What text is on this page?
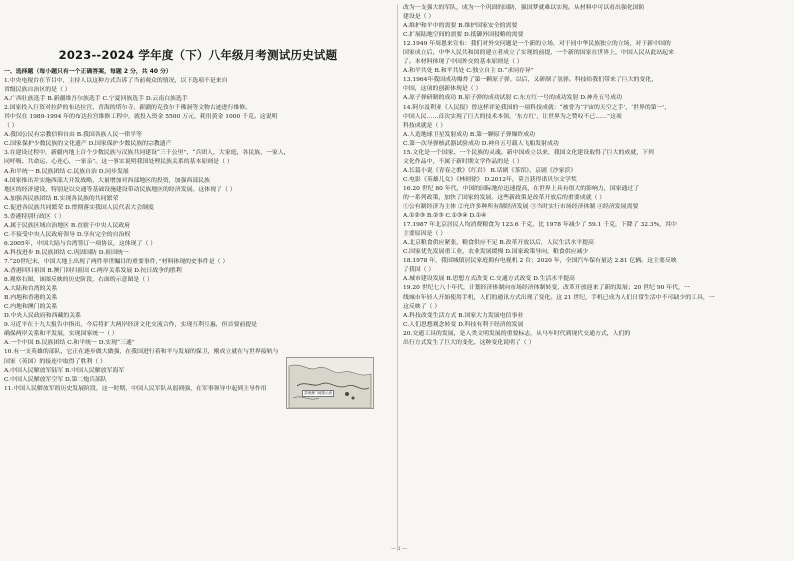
2023--2024 学年度（下）八年级月考测试历史试题
一、选择题（每小题只有一个正确答案，每题 2 分，共 40 分）
1.中央电视台在节目中，主持人以这种方式告诉了当前观众的情况，以下选项不是来自
省级民族自治区的是（ ）
A.广西壮族选手 B.新疆维吾尔族选手 C.宁夏回族选手 D.云南白族选手
2.国家投入巨资对拉萨的布达拉宫、青海的塔尔寺、新疆的克孜尔千佛洞等文物古迹进行维修。
其中仅在 1989-1994 年的布达拉宫维修工程中，就投入资金 5500 万元，耗用黄金 1000 千克。这说明
（ ）
A.我国公民有宗教信仰自由 B.我国各族人民一律平等
C.国家保护少数民族的文化遗产 D.国家保护少数民族的宗教遗产
3.在建设过程中，新疆内地上百个少数民族与汉族共同建设“三千公里”，“兵团人，大家庭，各民族，一家人，
同呼吸、共命运、心连心，一家亲”。这一事实说明我国处理民族关系的基本原则是（ ）
A.和平统一 B.民族团结 C.民族自治 D.同步发展
4.国家推出并实施西部大开发战略，大量增加对西部地区的投资，加强西部民族
地区的经济建设，特别是以交通等基础设施建设带动民族地区的经济发展。这体现了（ ）
A.加强各民族团结 B.实现各民族的共同繁荣
C.促进各民族共同繁荣 D.贯彻落实我国人民代表大会制度
5.香港特别行政区（ ）
A.属于民族区域自治地区 B.直辖于中央人民政府
C.不接受中央人民政府领导 D.享有完全的自治权
6.2005年，中国大陆与台湾签订一项协议，这体现了（ ）
A.科技进步 B.民族团结 C.巩固国防 D.祖国统一
7.“20世纪末，中国大地上出现了两件举世瞩目的重要事件，”材料体现的史事件是（ ）
A.香港回归祖国 B.澳门回归祖国 C.两岸关系发展 D.抗日战争的胜利
8.观察右图，该图反映的历史阶段，右面的示意图是（ ）
A.大陆和台湾的关系
B.内地和香港的关系
C.内地和澳门的关系
D.中央人民政府和西藏的关系
9.习近平在十九大报告中指出，今后将扩大两岸经济文化交流合作，实现互利互惠，但首要前提是
确保两岸关系和平发展，实现国家统一（ ）
A.一个中国 B.民族团结 C.和平统一 D.实现“三通”
10.有一支英雄的部队，它正在逐步做大做强，在我国进行着和平与发展的保卫，刚成立就在与世界接轨与
国家（英国）的接连中取得了胜利（ ）
A.中国人民解放军陆军 B.中国人民解放军海军
C.中国人民解放军空军 D.第二炮兵部队
11.中国人民解放军的历史发展阶段，这一时期，中国人民军队从弱到强，在军事领导中起到主导作用
改为一支强大的军队，成为一个巩固的国防，强国梦就难以实现。从材料中可以看出强化国防
建设是（ ）
A.维护和平中的需要 B.维护国家安全的需要
C.扩展陆地空间的需要 D.抵御外国侵略的需要
12.1949 年周恩来宣布：我们对外交问题是一个新的立场，对于同中华民族独立的立场，对于新中国的
国家成立后，中华人民共和国的建立者成立了实现的前提，一个新的国家在世界上，中国人民从此站起来
了。本材料体现了中国外交的基本原则是（ ）
A.和平共处 B.和平共处 C.独立自主 D.“求同存异”
13.1964年我国成功爆炸了第一颗原子弹，以后，又研制了氢弹。科技给我们带来了巨大的变化，
中国，这项的创新体现是（ ）
A.原子弹研制的成功 B.原子弹的成功试射 C.东方红一号的成功发射 D.神舟五号成功
14.阿尔及利亚《人民报》曾这样评论我国的一项科技成就：“被誉为‘宇宙的天空之手’，‘世界的第一’，
中国人民……首次实现了巨大的技术本领，‘东方红’，让世界为之赞叹不已……”这项
科技成就是（ ）
A.人造地球卫星发射成功 B.第一颗原子弹爆炸成功
C.第一次导弹核武器试验成功 D.神舟五号载人飞船发射成功
15.文化是一个国家、一个民族的灵魂。新中国成立以来，我国文化建设取得了巨大的成就，下列
文化作品中，不属于新时期文学作品的是（ ）
A.长篇小说《青春之歌》《红岩》 B.话剧《茶馆》、京剧《沙家浜》
C.电影《英雄儿女》《林则徐》 D.2012年，莫言获得诺贝尔文学奖
16.20 世纪 80 年代，中国的国际地位迅速提高，在世界上具有很大的影响力，国家通过了
的一系列政策，加快了国家的发展。这些新政策是改革开放后的重要成就（ ）
①公有制经济为主体 ②允许多种所有制经济发展 ③当时实行市场经济体制 ④经济发展需要
A.①②③ B.②③ C.①③④ D.①④
17.1987 年北京居民人均消费粮食为 123.6 千克，比 1978 年减少了 59.1 千克，下降了 32.3%，其中
主要原因是（ ）
A.北京粮食供应紧张，粮食供应不足 B.改革开放以后，人民生活水平提高
C.国家优先发展重工业，农业发展缓慢 D.国家政策导向，粮食供应减少
18.1978 年，我国城镇居民家庭拥有电视机 2 台；2020 年，全国汽车保有量达 2.81 亿辆。这主要反映
了我国（ ）
A.城市建设发展 B.思想方式改变 C.交通方式改变 D.生活水平提高
19.20 世纪七八十年代，计划经济体制向市场经济体制转变，改革开放迎来了新的发展；20 世纪 90 年代，一
线城市年轻人开始使用手机，人们的通讯方式出现了变化。这 21 世纪，手机已成为人们日常生活中不可缺少的工具，一
这反映了（ ）
A.科技改变生活方式 B.国家大力发展电信事业
C.人们思想观念转变 D.科技有利于经济的发展
20.交通工具的发展，是人类文明发展的重要标志，从马车时代到现代交通方式，人们的
出行方式发生了巨大的变化。这种变化说明了（ ）
香港澳门地图示意
— 1 —
